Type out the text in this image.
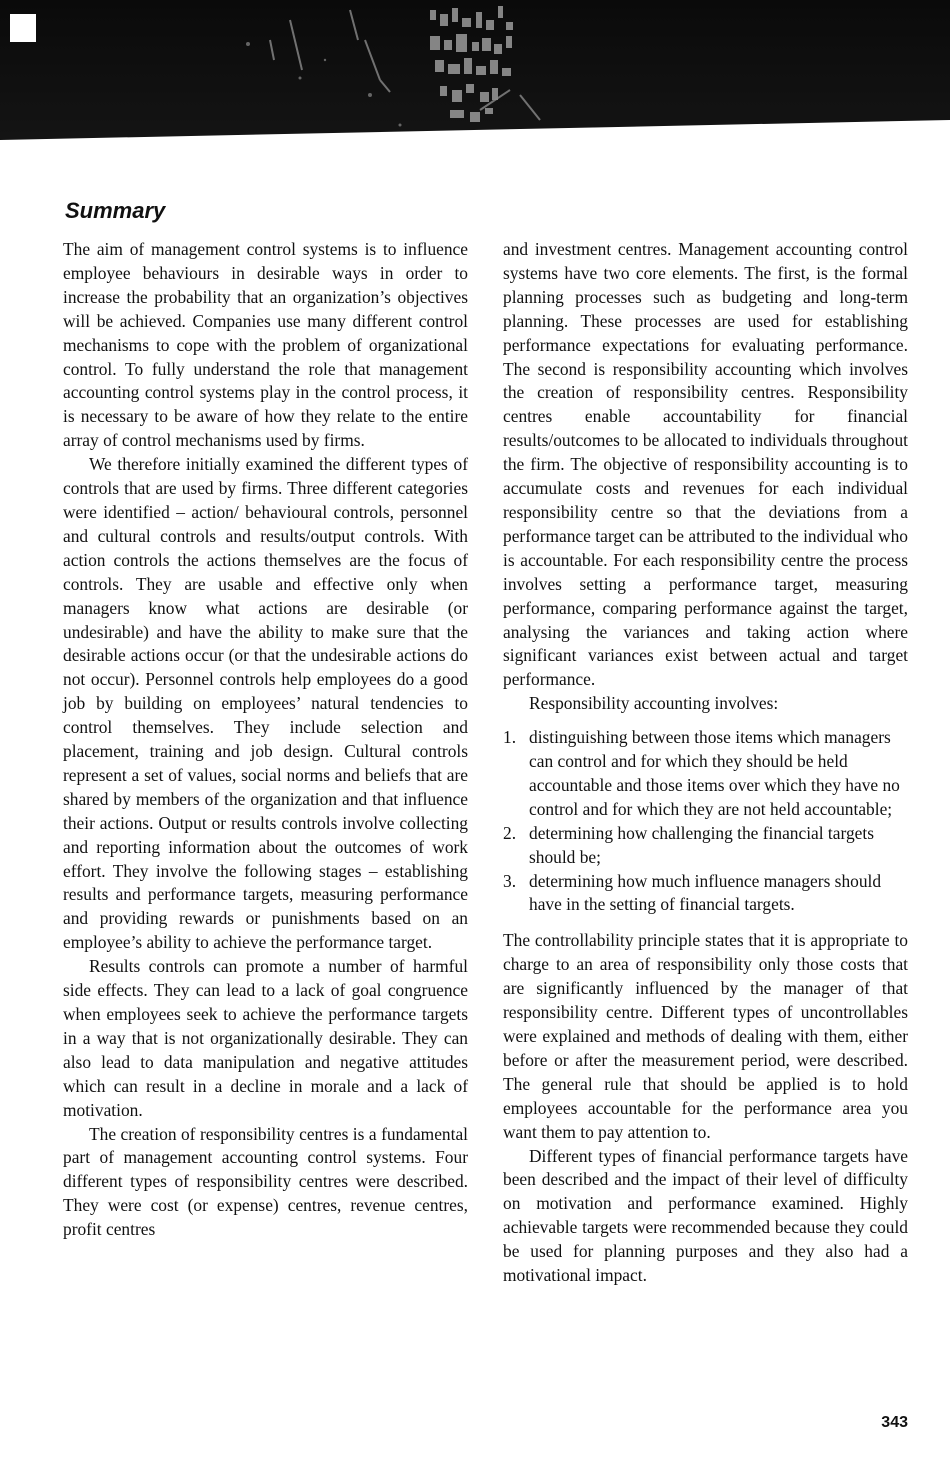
Summary

The aim of management control systems is to influence employee behaviours in desirable ways in order to increase the probability that an organization’s objectives will be achieved. Companies use many different control mechanisms to cope with the problem of organizational control. To fully understand the role that management accounting control systems play in the control process, it is necessary to be aware of how they relate to the entire array of control mechanisms used by firms.

We therefore initially examined the different types of controls that are used by firms. Three different categories were identified – action/ behavioural controls, personnel and cultural controls and results/output controls. With action controls the actions themselves are the focus of controls. They are usable and effective only when managers know what actions are desirable (or undesirable) and have the ability to make sure that the desirable actions occur (or that the undesirable actions do not occur). Personnel controls help employees do a good job by building on employees’ natural tendencies to control themselves. They include selection and placement, training and job design. Cultural controls represent a set of values, social norms and beliefs that are shared by members of the organization and that influence their actions. Output or results controls involve collecting and reporting information about the outcomes of work effort. They involve the following stages – establishing results and performance targets, measuring performance and providing rewards or punishments based on an employee’s ability to achieve the performance target.

Results controls can promote a number of harmful side effects. They can lead to a lack of goal congruence when employees seek to achieve the performance targets in a way that is not organizationally desirable. They can also lead to data manipulation and negative attitudes which can result in a decline in morale and a lack of motivation.

The creation of responsibility centres is a fundamental part of management accounting control systems. Four different types of responsibility centres were described. They were cost (or expense) centres, revenue centres, profit centres

and investment centres. Management accounting control systems have two core elements. The first, is the formal planning processes such as budgeting and long-term planning. These processes are used for establishing performance expectations for evaluating performance. The second is responsibility accounting which involves the creation of responsibility centres. Responsibility centres enable accountability for financial results/outcomes to be allocated to individuals throughout the firm. The objective of responsibility accounting is to accumulate costs and revenues for each individual responsibility centre so that the deviations from a performance target can be attributed to the individual who is accountable. For each responsibility centre the process involves setting a performance target, measuring performance, comparing performance against the target, analysing the variances and taking action where significant variances exist between actual and target performance.

Responsibility accounting involves:

1. distinguishing between those items which managers can control and for which they should be held accountable and those items over which they have no control and for which they are not held accountable;
2. determining how challenging the financial targets should be;
3. determining how much influence managers should have in the setting of financial targets.

The controllability principle states that it is appropriate to charge to an area of responsibility only those costs that are significantly influenced by the manager of that responsibility centre. Different types of uncontrollables were explained and methods of dealing with them, either before or after the measurement period, were described. The general rule that should be applied is to hold employees accountable for the performance area you want them to pay attention to.

Different types of financial performance targets have been described and the impact of their level of difficulty on motivation and performance examined. Highly achievable targets were recommended because they could be used for planning purposes and they also had a motivational impact.

343
